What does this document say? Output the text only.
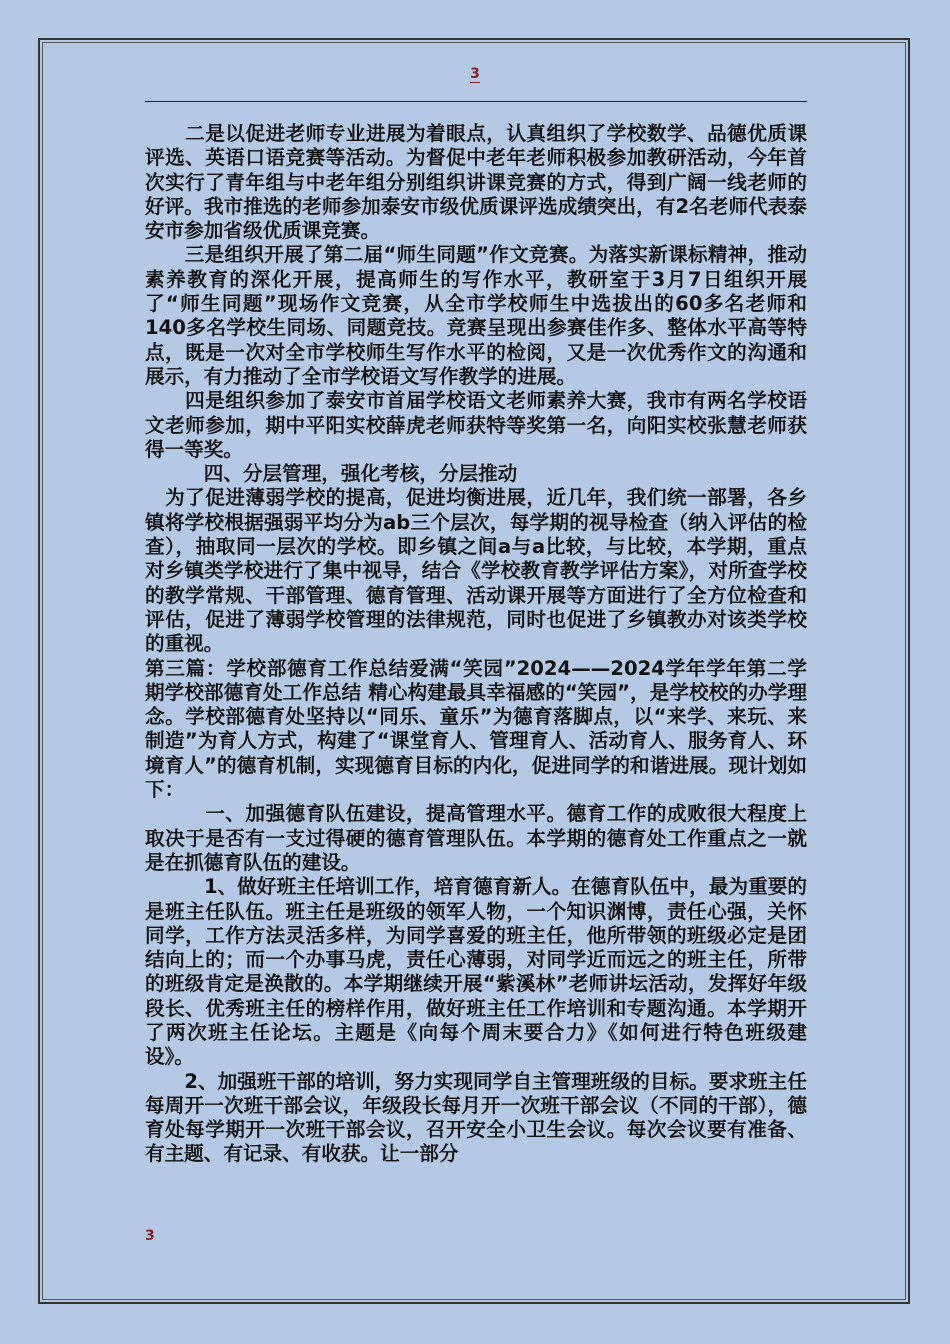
3

　　二是以促进老师专业进展为着眼点，认真组织了学校数学、品德优质课评选、英语口语竞赛等活动。为督促中老年老师积极参加教研活动，今年首次实行了青年组与中老年组分别组织讲课竞赛的方式，得到广阔一线老师的好评。我市推选的老师参加泰安市级优质课评选成绩突出，有2名老师代表泰安市参加省级优质课竞赛。

　　三是组织开展了第二届“师生同题”作文竞赛。为落实新课标精神，推动素养教育的深化开展，提高师生的写作水平，教研室于3月7日组织开展了“师生同题”现场作文竞赛，从全市学校师生中选拔出的60多名老师和140多名学校生同场、同题竞技。竞赛呈现出参赛佳作多、整体水平高等特点，既是一次对全市学校师生写作水平的检阅，又是一次优秀作文的沟通和展示，有力推动了全市学校语文写作教学的进展。

　　四是组织参加了泰安市首届学校语文老师素养大赛，我市有两名学校语文老师参加，期中平阳实校薛虎老师获特等奖第一名，向阳实校张慧老师获得一等奖。

　　　四、分层管理，强化考核，分层推动

　为了促进薄弱学校的提高，促进均衡进展，近几年，我们统一部署，各乡镇将学校根据强弱平均分为ab三个层次，每学期的视导检查（纳入评估的检查），抽取同一层次的学校。即乡镇之间a与a比较，与比较，本学期，重点对乡镇类学校进行了集中视导，结合《学校教育教学评估方案》，对所查学校的教学常规、干部管理、德育管理、活动课开展等方面进行了全方位检查和评估，促进了薄弱学校管理的法律规范，同时也促进了乡镇教办对该类学校的重视。

第三篇：学校部德育工作总结爱满“笑园”2024——2024学年学年第二学期学校部德育处工作总结 精心构建最具幸福感的“笑园”，是学校校的办学理念。学校部德育处坚持以“同乐、童乐”为德育落脚点，以“来学、来玩、来制造”为育人方式，构建了“课堂育人、管理育人、活动育人、服务育人、环境育人”的德育机制，实现德育目标的内化，促进同学的和谐进展。现计划如下：

　　　一、加强德育队伍建设，提高管理水平。德育工作的成败很大程度上取决于是否有一支过得硬的德育管理队伍。本学期的德育处工作重点之一就是在抓德育队伍的建设。

　　　1、做好班主任培训工作，培育德育新人。在德育队伍中，最为重要的是班主任队伍。班主任是班级的领军人物，一个知识渊博，责任心强，关怀同学，工作方法灵活多样，为同学喜爱的班主任，他所带领的班级必定是团结向上的；而一个办事马虎，责任心薄弱，对同学近而远之的班主任，所带的班级肯定是涣散的。本学期继续开展“紫溪林”老师讲坛活动，发挥好年级段长、优秀班主任的榜样作用，做好班主任工作培训和专题沟通。本学期开了两次班主任论坛。主题是《向每个周末要合力》《如何进行特色班级建设》。

　　2、加强班干部的培训，努力实现同学自主管理班级的目标。要求班主任每周开一次班干部会议，年级段长每月开一次班干部会议（不同的干部），德育处每学期开一次班干部会议，召开安全小卫生会议。每次会议要有准备、有主题、有记录、有收获。让一部分

3
